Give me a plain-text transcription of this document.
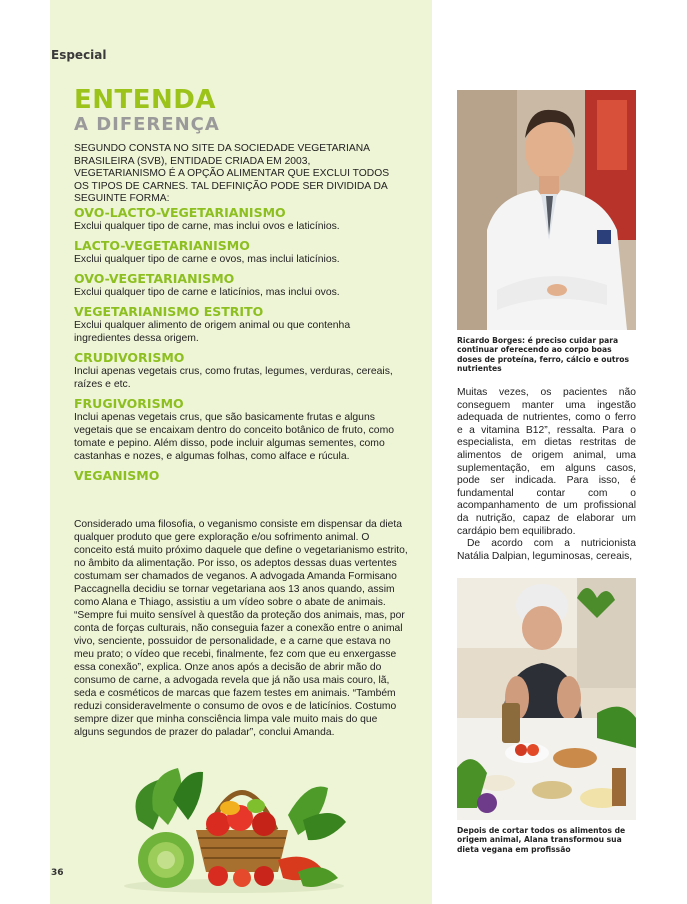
Especial
ENTENDA
A DIFERENÇA
SEGUNDO CONSTA NO SITE DA SOCIEDADE VEGETARIANA BRASILEIRA (SVB), ENTIDADE CRIADA EM 2003, VEGETARIANISMO É A OPÇÃO ALIMENTAR QUE EXCLUI TODOS OS TIPOS DE CARNES. TAL DEFINIÇÃO PODE SER DIVIDIDA DA SEGUINTE FORMA:
OVO-LACTO-VEGETARIANISMO

Exclui qualquer tipo de carne, mas inclui ovos e laticínios.

LACTO-VEGETARIANISMO

Exclui qualquer tipo de carne e ovos, mas inclui laticínios.

OVO-VEGETARIANISMO

Exclui qualquer tipo de carne e laticínios, mas inclui ovos.

VEGETARIANISMO ESTRITO

Exclui qualquer alimento de origem animal ou que contenha ingredientes dessa origem.

CRUDIVORISMO

Inclui apenas vegetais crus, como frutas, legumes, verduras, cereais, raízes e etc.

FRUGIVORISMO

Inclui apenas vegetais crus, que são basicamente frutas e alguns vegetais que se encaixam dentro do conceito botânico de fruto, como tomate e pepino. Além disso, pode incluir algumas sementes, como castanhas e nozes, e algumas folhas, como alface e rúcula.

VEGANISMO
Considerado uma filosofia, o veganismo consiste em dispensar da dieta qualquer produto que gere exploração e/ou sofrimento animal. O conceito está muito próximo daquele que define o vegetarianismo estrito, no âmbito da alimentação. Por isso, os adeptos dessas duas vertentes costumam ser chamados de veganos. A advogada Amanda Formisano Paccagnella decidiu se tornar vegetariana aos 13 anos quando, assim como Alana e Thiago, assistiu a um vídeo sobre o abate de animais. “Sempre fui muito sensível à questão da proteção dos animais, mas, por conta de forças culturais, não conseguia fazer a conexão entre o animal vivo, senciente, possuidor de personalidade, e a carne que estava no meu prato; o vídeo que recebi, finalmente, fez com que eu enxergasse essa conexão”, explica. Onze anos após a decisão de abrir mão do consumo de carne, a advogada revela que já não usa mais couro, lã, seda e cosméticos de marcas que fazem testes em animais. “Também reduzi consideravelmente o consumo de ovos e de laticínios. Costumo sempre dizer que minha consciência limpa vale muito mais do que alguns segundos de prazer do paladar”, conclui Amanda.
36
Ricardo Borges: é preciso cuidar para continuar oferecendo ao corpo boas doses de proteína, ferro, cálcio e outros nutrientes

Muitas vezes, os pacientes não conseguem manter uma ingestão adequada de nutrientes, como o ferro e a vitamina B12”, ressalta. Para o especialista, em dietas restritas de alimentos de origem animal, uma suplementação, em alguns casos, pode ser indicada. Para isso, é fundamental contar com o acompanhamento de um profissional da nutrição, capaz de elaborar um cardápio bem equilibrado.

De acordo com a nutricionista Natália Dalpian, leguminosas, cereais,

Depois de cortar todos os alimentos de origem animal, Alana transformou sua dieta vegana em profissão
